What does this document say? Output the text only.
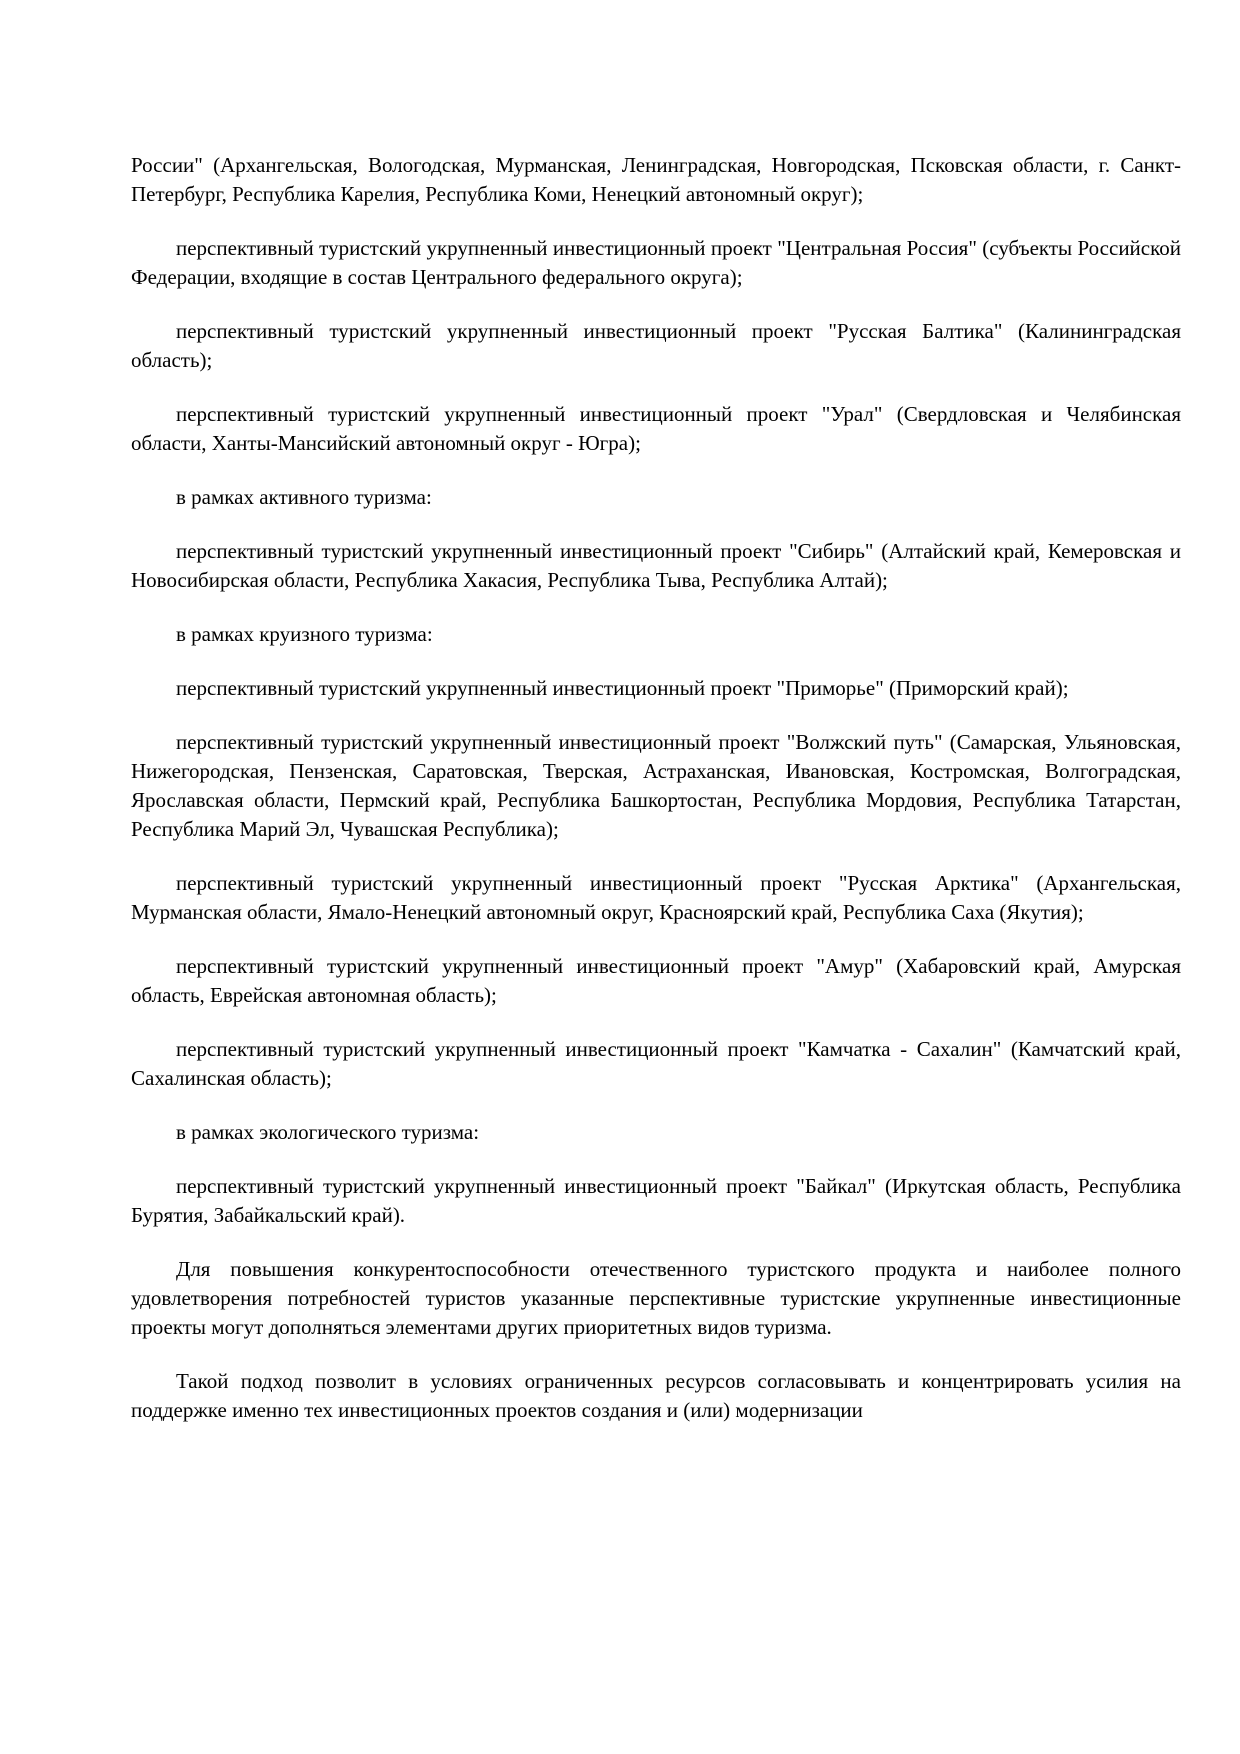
России" (Архангельская, Вологодская, Мурманская, Ленинградская, Новгородская, Псковская области, г. Санкт-Петербург, Республика Карелия, Республика Коми, Ненецкий автономный округ);

перспективный туристский укрупненный инвестиционный проект "Центральная Россия" (субъекты Российской Федерации, входящие в состав Центрального федерального округа);

перспективный туристский укрупненный инвестиционный проект "Русская Балтика" (Калининградская область);

перспективный туристский укрупненный инвестиционный проект "Урал" (Свердловская и Челябинская области, Ханты-Мансийский автономный округ - Югра);

в рамках активного туризма:

перспективный туристский укрупненный инвестиционный проект "Сибирь" (Алтайский край, Кемеровская и Новосибирская области, Республика Хакасия, Республика Тыва, Республика Алтай);

в рамках круизного туризма:

перспективный туристский укрупненный инвестиционный проект "Приморье" (Приморский край);

перспективный туристский укрупненный инвестиционный проект "Волжский путь" (Самарская, Ульяновская, Нижегородская, Пензенская, Саратовская, Тверская, Астраханская, Ивановская, Костромская, Волгоградская, Ярославская области, Пермский край, Республика Башкортостан, Республика Мордовия, Республика Татарстан, Республика Марий Эл, Чувашская Республика);

перспективный туристский укрупненный инвестиционный проект "Русская Арктика" (Архангельская, Мурманская области, Ямало-Ненецкий автономный округ, Красноярский край, Республика Саха (Якутия);

перспективный туристский укрупненный инвестиционный проект "Амур" (Хабаровский край, Амурская область, Еврейская автономная область);

перспективный туристский укрупненный инвестиционный проект "Камчатка - Сахалин" (Камчатский край, Сахалинская область);

в рамках экологического туризма:

перспективный туристский укрупненный инвестиционный проект "Байкал" (Иркутская область, Республика Бурятия, Забайкальский край).

Для повышения конкурентоспособности отечественного туристского продукта и наиболее полного удовлетворения потребностей туристов указанные перспективные туристские укрупненные инвестиционные проекты могут дополняться элементами других приоритетных видов туризма.

Такой подход позволит в условиях ограниченных ресурсов согласовывать и концентрировать усилия на поддержке именно тех инвестиционных проектов создания и (или) модернизации
